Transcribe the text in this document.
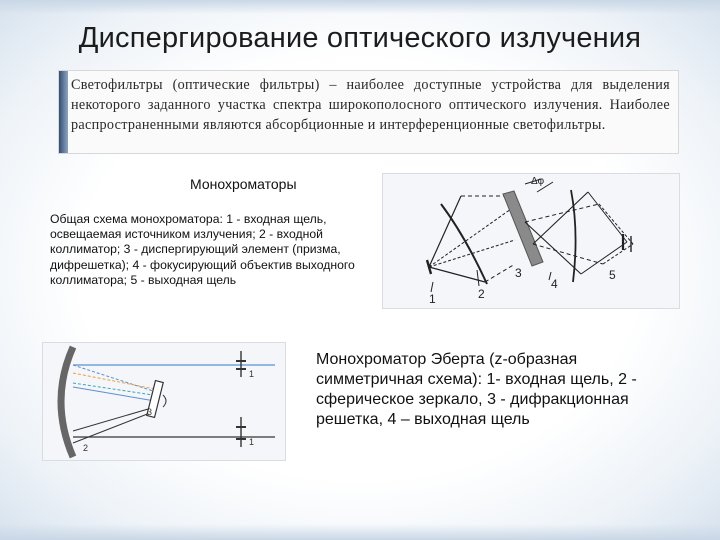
Диспергирование оптического излучения
Светофильтры (оптические фильтры) – наиболее доступные устройства для выделения некоторого заданного участка спектра широкополосного оптического излучения. Наиболее распространенными являются абсорбционные и интерференционные светофильтры.
Монохроматоры
Общая схема монохроматора: 1 - входная щель, освещаемая источником излучения; 2 - входной коллиматор; 3 - диспергирующий элемент (призма, дифрешетка); 4 - фокусирующий объектив выходного коллиматора; 5 - выходная щель
1	2
3
4
5
Δφ
1
1
3
2
Монохроматор Эберта (z-образная симметричная схема): 1- входная щель, 2 - сферическое зеркало, 3 - дифракционная решетка, 4 – выходная щель
